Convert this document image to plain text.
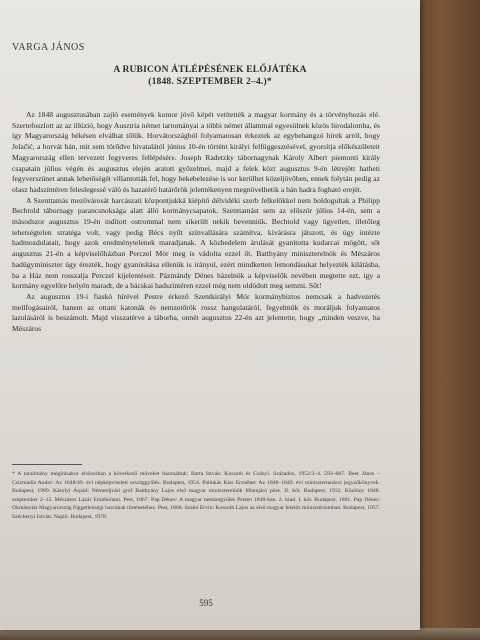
VARGA JÁNOS
A RUBICON ÁTLÉPÉSÉNEK ELŐJÁTÉKA
(1848. SZEPTEMBER 2–4.)*

Az 1848 augusztusában zajló események komor jövő képét vetítették a magyar kormány és a törvényhozás elé. Szertefoszlott az az illúzió, hogy Ausztria német tartományai a többi német állammal egyesülnek közös birodalomba, és így Magyarország békésen elválhat tőlük. Horvátországból folyamatosan érkeztek az egybehangzó hírek arról, hogy Jelačić, a horvát bán, mit sem törődve hivatalától június 10-én történt királyi felfüggesztésével, gyorsítja előkészületeit Magyarország ellen tervezett fegyveres fellépésére. Joseph Radetzky tábornagynak Károly Albert piemonti király csapatain július végén és augusztus elején aratott győzelmei, majd a felek közt augusztus 9-én létrejött hatheti fegyverszünet annak lehetőségét villantották fel, hogy bekebelezése is sor kerülhet közeljövőben, ennek folytán pedig az olasz hadszíntéren feleslegessé váló és hazatérő határőrök jelentékenyen megnövelhetik a bán hadra fogható erejét.

A Szenttamás mezővárosát harcászati központjukká kiépítő délvidéki szerb felkelőkkel nem boldogultak a Philipp Bechtold tábornagy parancsnoksága alatt álló kormánycsapatok. Szenttamást sem az először július 14-én, sem a másodszor augusztus 19-én indított ostrommal nem sikerült nekik bevenniük. Bechtold vagy ügyetlen, illetőleg tehetségtelen stratéga volt, vagy pedig Bécs nyílt színvallására számítva, kivárásra játszott, és úgy intézte hadmozdulatait, hogy azok eredménytelenek maradjanak. A közhedelem árulását gyanította kudarcai mögött, sőt augusztus 21-én a képviselőházban Perczel Mór meg is vádolta ezzel őt. Batthyány miniszterelnök és Mészáros hadügyminiszter úgy érezték, hogy gyanúsítása ellenük is irányul, ezért mindketten lemondásukat helyezték kilátásba, ha a Ház nem rosszalja Perczel kijelentéseit. Pázmándy Dénes házelnök a képviselők nevében megtette ezt, így a kormány egyelőre helyén maradt, de a bácskai hadszíntéren ezzel még nem oldódott meg semmi. Sőt!

Az augusztus 19-i fiaskó hírével Pestre érkező Szentkirályi Mór kormánybiztos nemcsak a hadvezetés mellfogásairól, hanem az ottani katonák és nemzetőrök rossz hangulatáról, fegyelmük és moráljuk folyamatos lazulásáról is beszámolt. Majd visszatérve a táborba, onnét augusztus 22-én azt jelentette, hogy „minden veszve, ha Mészáros

* A tanulmány megírásakor elsősorban a következő műveket használtuk: Barta István: Kossuth és Csányi. Százados, 1952/3–4. 593–687. Beer János – Csizmadia Andor: Az 1848/49. évi népképviseleti országgyűlés. Budapest, 1954. Pálinkás Kiss Erzsébet: Az 1848–1849. évi minisztertanácsi jegyzőkönyvek. Budapest, 1989. Károlyi Árpád: Németújvári gróf Batthyány Lajos első magyar miniszterelnök főbenjáró pöre. II. köt. Budapest, 1932. Közlöny 1848. szeptember 2–13. Mészáros Lázár Emlékiratai. Pest, 1867. Pap Dénes: A magyar nemzetgyűlés Pesten 1848-ban. 2. kiad. I. köt. Budapest, 1881. Pap Dénes: Okmánytár Magyarország függetlenségi harcának történetéhez. Pest, 1868. Szabó Ervin: Kossuth Lajos az első magyar felelős minisztériumban. Budapest, 1957. Széchenyi István: Napló. Budapest, 1978.
595
